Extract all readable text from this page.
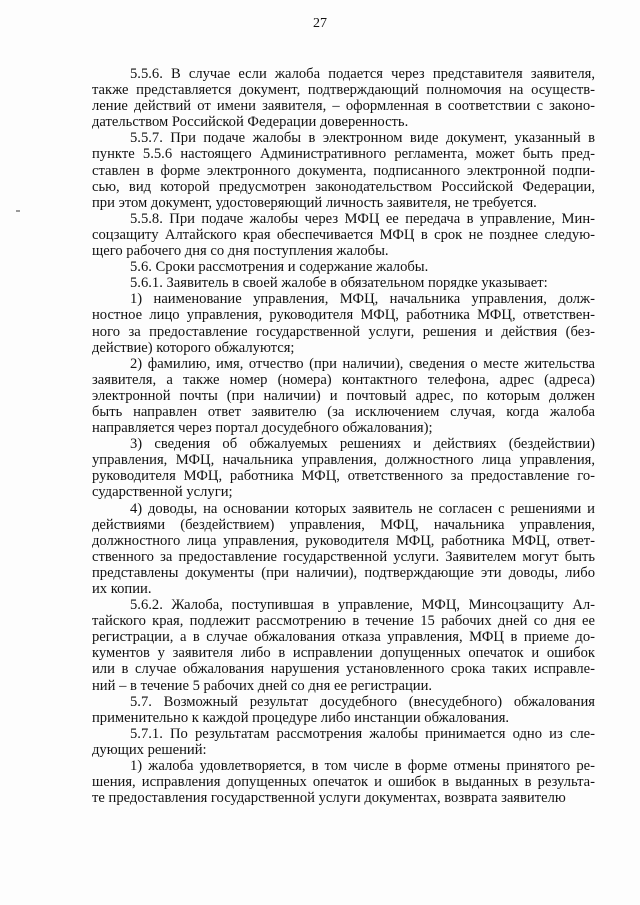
27

5.5.6. В случае если жалоба подается через представителя заявителя,
также представляется документ, подтверждающий полномочия на осуществ-
ление действий от имени заявителя, – оформленная в соответствии с законо-
дательством Российской Федерации доверенность.

5.5.7. При подаче жалобы в электронном виде документ, указанный в
пункте 5.5.6 настоящего Административного регламента, может быть пред-
ставлен в форме электронного документа, подписанного электронной подпи-
сью, вид которой предусмотрен законодательством Российской Федерации,
при этом документ, удостоверяющий личность заявителя, не требуется.

5.5.8. При подаче жалобы через МФЦ ее передача в управление, Мин-
соцзащиту Алтайского края обеспечивается МФЦ в срок не позднее следую-
щего рабочего дня со дня поступления жалобы.

5.6. Сроки рассмотрения и содержание жалобы.

5.6.1. Заявитель в своей жалобе в обязательном порядке указывает:

1) наименование управления, МФЦ, начальника управления, долж-
ностное лицо управления, руководителя МФЦ, работника МФЦ, ответствен-
ного за предоставление государственной услуги, решения и действия (без-
действие) которого обжалуются;

2) фамилию, имя, отчество (при наличии), сведения о месте жительства
заявителя, а также номер (номера) контактного телефона, адрес (адреса)
электронной почты (при наличии) и почтовый адрес, по которым должен
быть направлен ответ заявителю (за исключением случая, когда жалоба
направляется через портал досудебного обжалования);

3) сведения об обжалуемых решениях и действиях (бездействии)
управления, МФЦ, начальника управления, должностного лица управления,
руководителя МФЦ, работника МФЦ, ответственного за предоставление го-
сударственной услуги;

4) доводы, на основании которых заявитель не согласен с решениями и
действиями (бездействием) управления, МФЦ, начальника управления,
должностного лица управления, руководителя МФЦ, работника МФЦ, ответ-
ственного за предоставление государственной услуги. Заявителем могут быть
представлены документы (при наличии), подтверждающие эти доводы, либо
их копии.

5.6.2. Жалоба, поступившая в управление, МФЦ, Минсоцзащиту Ал-
тайского края, подлежит рассмотрению в течение 15 рабочих дней со дня ее
регистрации, а в случае обжалования отказа управления, МФЦ в приеме до-
кументов у заявителя либо в исправлении допущенных опечаток и ошибок
или в случае обжалования нарушения установленного срока таких исправле-
ний – в течение 5 рабочих дней со дня ее регистрации.

5.7. Возможный результат досудебного (внесудебного) обжалования
применительно к каждой процедуре либо инстанции обжалования.

5.7.1. По результатам рассмотрения жалобы принимается одно из сле-
дующих решений:

1) жалоба удовлетворяется, в том числе в форме отмены принятого ре-
шения, исправления допущенных опечаток и ошибок в выданных в результа-
те предоставления государственной услуги документах, возврата заявителю
